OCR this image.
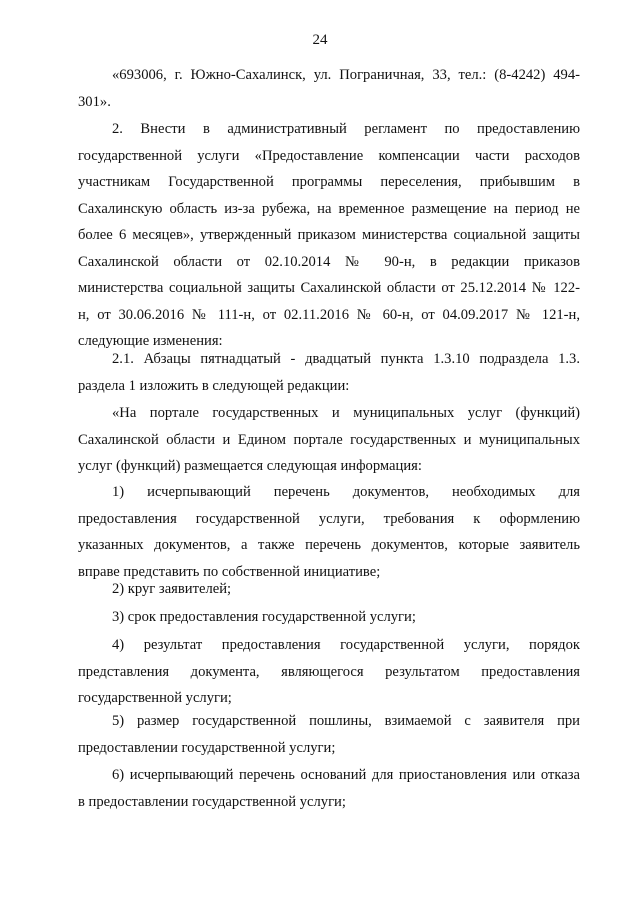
24
«693006, г. Южно-Сахалинск, ул. Пограничная, 33, тел.: (8-4242) 494-
301».
2. Внести в административный регламент по предоставлению
государственной услуги «Предоставление компенсации части расходов
участникам Государственной программы переселения, прибывшим в
Сахалинскую область из-за рубежа, на временное размещение на период не
более 6 месяцев», утвержденный приказом министерства социальной защиты
Сахалинской области от 02.10.2014 № 90-н, в редакции приказов
министерства социальной защиты Сахалинской области от 25.12.2014 № 122-
н, от 30.06.2016 № 111-н, от 02.11.2016 № 60-н, от 04.09.2017 № 121-н,
следующие изменения:
2.1. Абзацы пятнадцатый - двадцатый пункта 1.3.10 подраздела 1.3.
раздела 1 изложить в следующей редакции:
«На портале государственных и муниципальных услуг (функций)
Сахалинской области и Едином портале государственных и муниципальных
услуг (функций) размещается следующая информация:
1) исчерпывающий перечень документов, необходимых для
предоставления государственной услуги, требования к оформлению
указанных документов, а также перечень документов, которые заявитель
вправе представить по собственной инициативе;
2) круг заявителей;
3) срок предоставления государственной услуги;
4) результат предоставления государственной услуги, порядок
представления документа, являющегося результатом предоставления
государственной услуги;
5) размер государственной пошлины, взимаемой с заявителя при
предоставлении государственной услуги;
6) исчерпывающий перечень оснований для приостановления или отказа
в предоставлении государственной услуги;
